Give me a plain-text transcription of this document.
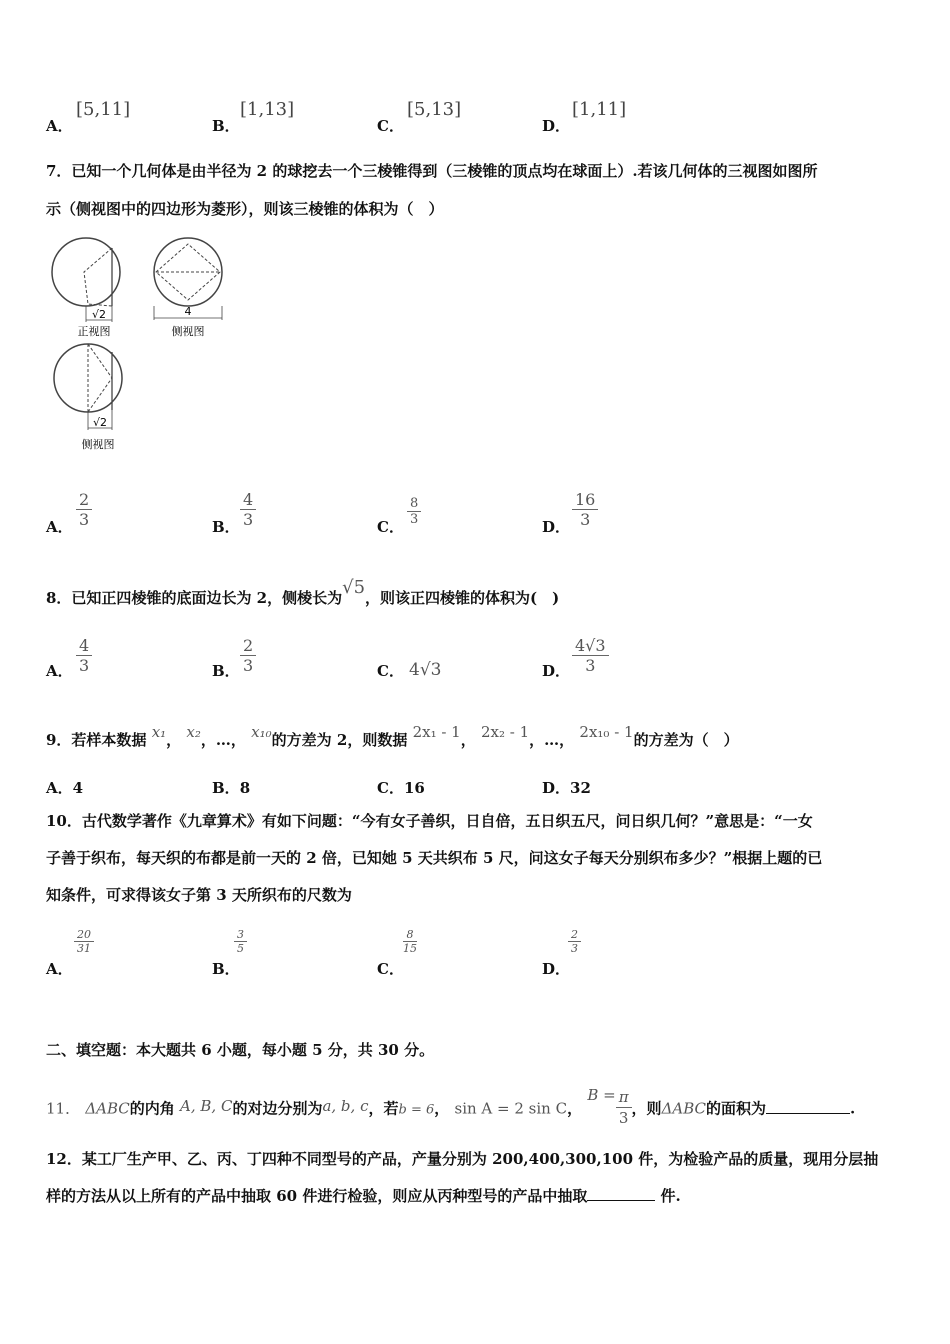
A．
[5,11]
B．
[1,13]
C．
[5,13]
D．
[1,11]
7．已知一个几何体是由半径为 2 的球挖去一个三棱锥得到（三棱锥的顶点均在球面上）.若该几何体的三视图如图所
示（侧视图中的四边形为菱形），则该三棱锥的体积为（　）
√2
正视图
4
侧视图
√2
侧视图
A．
2
3	B．
4
3	C．
8
3	D．
16
3
8．已知正四棱锥的底面边长为 2，侧棱长为√5，则该正四棱锥的体积为(　)
A．
4
3	B．
2
3	C． 4√3	D．
4√3
3
9．若样本数据 x₁， x₂，…， x₁₀的方差为 2，则数据 2x₁ - 1， 2x₂ - 1，…， 2x₁₀ - 1的方差为（　）
A．4	B．8	C．16	D．32
10．古代数学著作《九章算术》有如下问题：“今有女子善织，日自倍，五日织五尺，问日织几何？”意思是：“一女
子善于织布，每天织的布都是前一天的 2 倍，已知她 5 天共织布 5 尺，问这女子每天分别织布多少？”根据上题的已
知条件，可求得该女子第 3 天所织布的尺数为
A．
20
31
B．
3
5
C．
8
15
D．
2
3
二、填空题：本大题共 6 小题，每小题 5 分，共 30 分。
11． ΔABC的内角 A, B, C的对边分别为a, b, c，若b = 6， sin A = 2 sin C， $B = \frac{\pi}{3}$ ，则ΔABC的面积为	.
12．某工厂生产甲、乙、丙、丁四种不同型号的产品，产量分别为 200,400,300,100 件，为检验产品的质量，现用分层抽
样的方法从以上所有的产品中抽取 60 件进行检验，则应从丙种型号的产品中抽取	件.
